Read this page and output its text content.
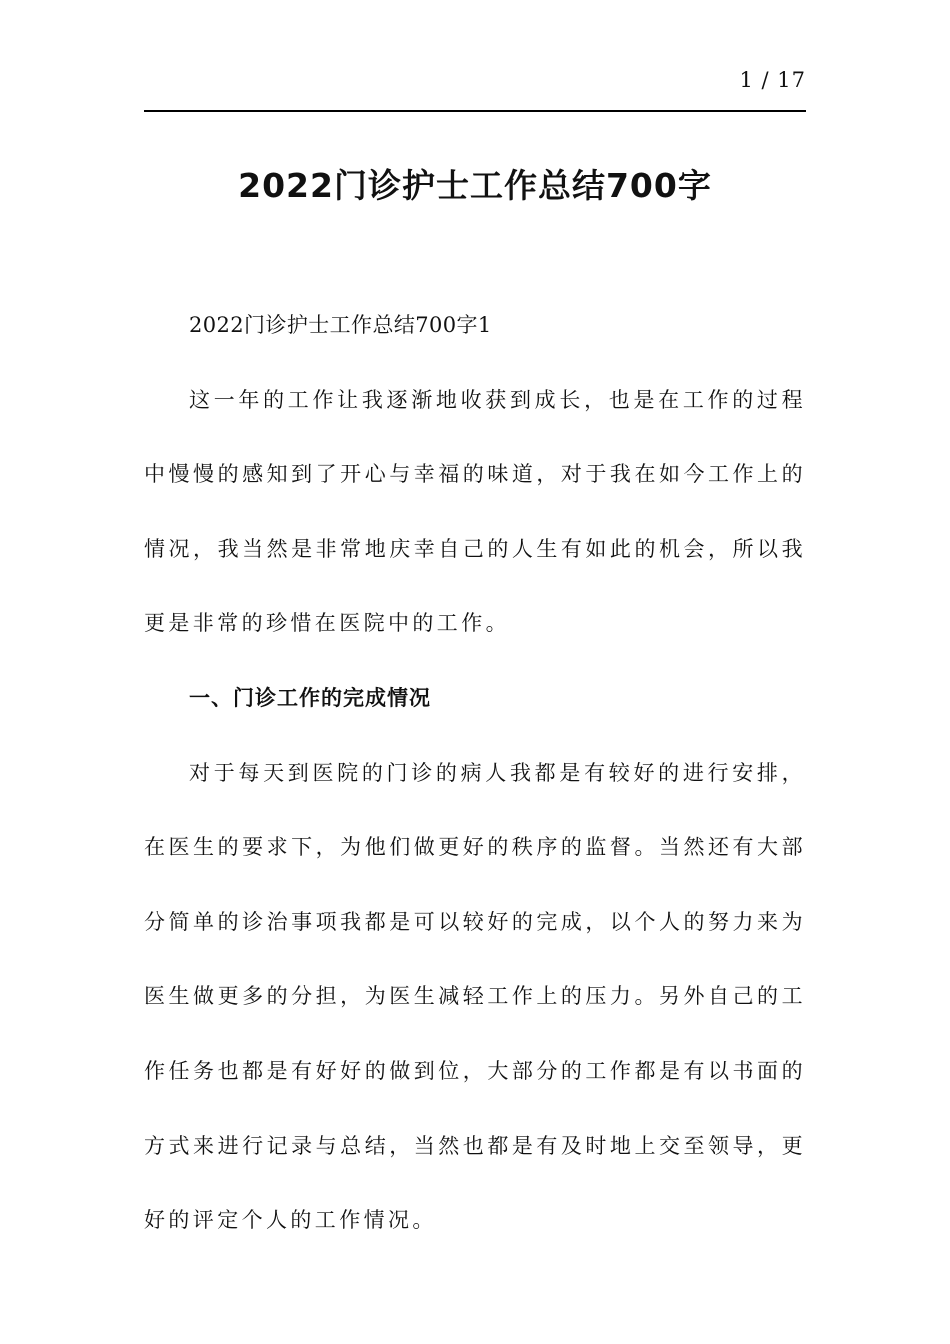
1 / 17
2022门诊护士工作总结700字

2022门诊护士工作总结700字1

这一年的工作让我逐渐地收获到成长，也是在工作的过程中慢慢的感知到了开心与幸福的味道，对于我在如今工作上的情况，我当然是非常地庆幸自己的人生有如此的机会，所以我更是非常的珍惜在医院中的工作。

一、门诊工作的完成情况

对于每天到医院的门诊的病人我都是有较好的进行安排，在医生的要求下，为他们做更好的秩序的监督。当然还有大部分简单的诊治事项我都是可以较好的完成，以个人的努力来为医生做更多的分担，为医生减轻工作上的压力。另外自己的工作任务也都是有好好的做到位，大部分的工作都是有以书面的方式来进行记录与总结，当然也都是有及时地上交至领导，更好的评定个人的工作情况。
